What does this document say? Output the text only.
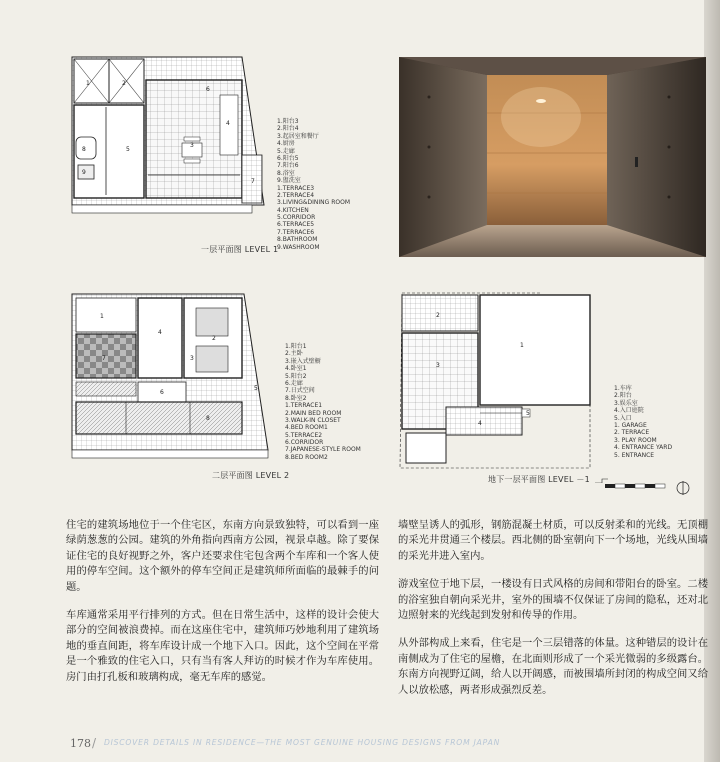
1	2
3
4
5
6
7
8
9
1.阳台3
2.阳台4
3.起居室和餐厅
4.厨房
5.走廊
6.阳台5
7.阳台6
8.浴室
9.盥洗室
1.TERRACE3
2.TERRACE4
3.LIVING&DINING ROOM
4.KITCHEN
5.CORRIDOR
6.TERRACE5
7.TERRACE6
8.BATHROOM
9.WASHROOM
一层平面图 LEVEL 1
1
2
3
4
5
6
7
8
1.阳台1
2.主卧
3.嵌入式壁橱
4.卧室1
5.阳台2
6.走廊
7.日式空间
8.卧室2
1.TERRACE1
2.MAIN BED ROOM
3.WALK-IN CLOSET
4.BED ROOM1
5.TERRACE2
6.CORRIDOR
7.JAPANESE-STYLE ROOM
8.BED ROOM2
二层平面图 LEVEL 2
2
1
3
4
5
1.车库
2.阳台
3.娱乐室
4.入口庭院
5.入口
1. GARAGE
2. TERRACE
3. PLAY ROOM
4. ENTRANCE YARD
5. ENTRANCE
地下一层平面图 LEVEL －1

住宅的建筑场地位于一个住宅区，东南方向景致独特，可以看到一座绿荫葱葱的公园。建筑的外角指向西南方公园，视景卓越。除了要保证住宅的良好视野之外，客户还要求住宅包含两个车库和一个客人使用的停车空间。这个额外的停车空间正是建筑师所面临的最棘手的问题。

车库通常采用平行排列的方式。但在日常生活中，这样的设计会使大部分的空间被浪费掉。而在这座住宅中，建筑师巧妙地利用了建筑场地的垂直间距，将车库设计成一个地下入口。因此，这个空间在平常是一个雅致的住宅入口，只有当有客人拜访的时候才作为车库使用。房门由打孔板和玻璃构成，毫无车库的感觉。

墙壁呈诱人的弧形，钢筋混凝土材质，可以反射柔和的光线。无顶棚的采光井贯通三个楼层。西北侧的卧室朝向下一个场地，光线从围墙的采光井进入室内。

游戏室位于地下层，一楼设有日式风格的房间和带阳台的卧室。二楼的浴室独自朝向采光井，室外的围墙不仅保证了房间的隐私，还对北边照射来的光线起到发射和传导的作用。

从外部构成上来看，住宅是一个三层错落的体量。这种错层的设计在南侧成为了住宅的屋檐，在北面则形成了一个采光微弱的多级露台。东南方向视野辽阔，给人以开阔感，而被围墙所封闭的构成空间又给人以放松感，两者形成强烈反差。

178 / DISCOVER DETAILS IN RESIDENCE—THE MOST GENUINE HOUSING DESIGNS FROM JAPAN
